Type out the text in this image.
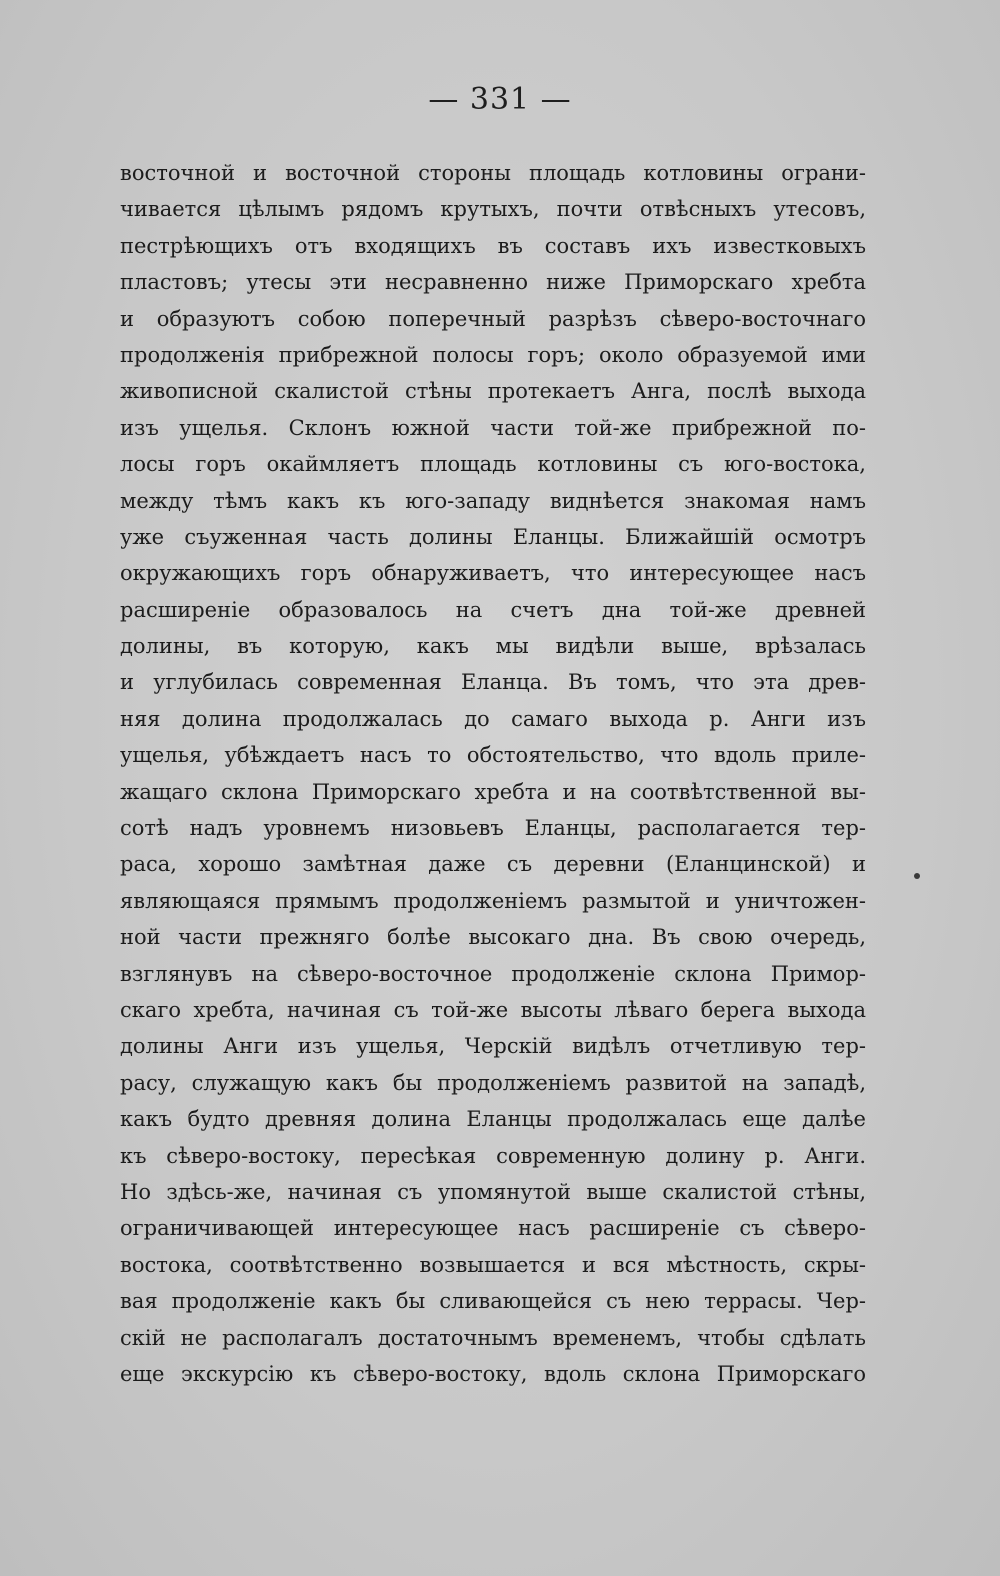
— 331 —
восточной и восточной стороны площадь котловины ограни-
чивается цѣлымъ рядомъ крутыхъ, почти отвѣсныхъ утесовъ,
пестрѣющихъ отъ входящихъ въ составъ ихъ известковыхъ
пластовъ; утесы эти несравненно ниже Приморскаго хребта
и образуютъ собою поперечный разрѣзъ сѣверо-восточнаго
продолженія прибрежной полосы горъ; около образуемой ими
живописной скалистой стѣны протекаетъ Анга, послѣ выхода
изъ ущелья. Склонъ южной части той-же прибрежной по-
лосы горъ окаймляетъ площадь котловины съ юго-востока,
между тѣмъ какъ къ юго-западу виднѣется знакомая намъ
уже съуженная часть долины Еланцы. Ближайшій осмотръ
окружающихъ горъ обнаруживаетъ, что интересующее насъ
расширеніе образовалось на счетъ дна той-же древней
долины, въ которую, какъ мы видѣли выше, врѣзалась
и углубилась современная Еланца. Въ томъ, что эта древ-
няя долина продолжалась до самаго выхода р. Анги изъ
ущелья, убѣждаетъ насъ то обстоятельство, что вдоль приле-
жащаго склона Приморскаго хребта и на соотвѣтственной вы-
сотѣ надъ уровнемъ низовьевъ Еланцы, располагается тер-
раса, хорошо замѣтная даже съ деревни (Еланцинской) и
являющаяся прямымъ продолженіемъ размытой и уничтожен-
ной части прежняго болѣе высокаго дна. Въ свою очередь,
взглянувъ на сѣверо-восточное продолженіе склона Примор-
скаго хребта, начиная съ той-же высоты лѣваго берега выхода
долины Анги изъ ущелья, Черскій видѣлъ отчетливую тер-
расу, служащую какъ бы продолженіемъ развитой на западѣ,
какъ будто древняя долина Еланцы продолжалась еще далѣе
къ сѣверо-востоку, пересѣкая современную долину р. Анги.
Но здѣсь-же, начиная съ упомянутой выше скалистой стѣны,
ограничивающей интересующее насъ расширеніе съ сѣверо-
востока, соотвѣтственно возвышается и вся мѣстность, скры-
вая продолженіе какъ бы сливающейся съ нею террасы. Чер-
скій не располагалъ достаточнымъ временемъ, чтобы сдѣлать
еще экскурсію къ сѣверо-востоку, вдоль склона Приморскаго
